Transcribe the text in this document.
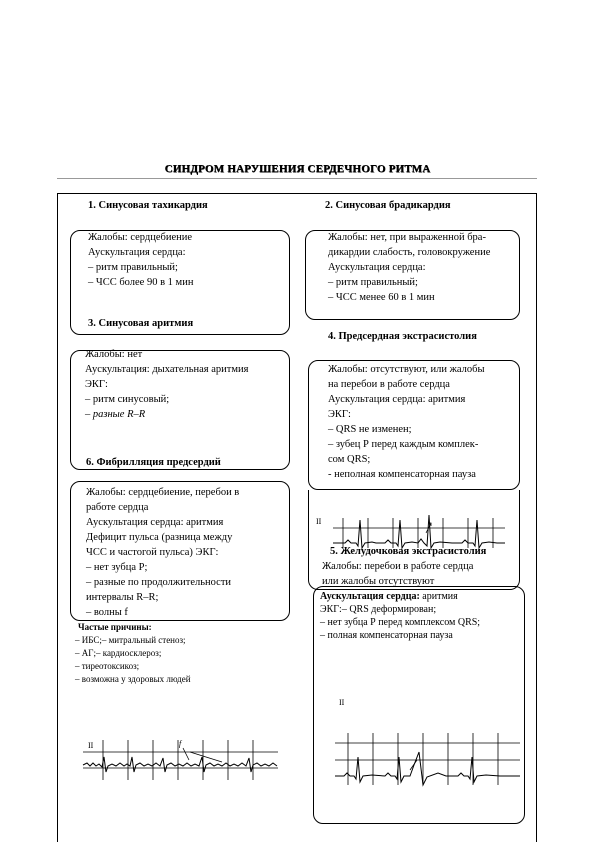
СИНДРОМ НАРУШЕНИЯ СЕРДЕЧНОГО РИТМА
1. Синусовая тахикардия
Жалобы: сердцебиение
Аускультация сердца:
– ритм правильный;
– ЧСС более 90 в 1 мин
3. Синусовая аритмия
2. Синусовая брадикардия
Жалобы: нет, при выраженной бра-
дикардии слабость, головокружение
Аускультация сердца:
– ритм правильный;
– ЧСС менее 60 в 1 мин
4. Предсердная экстрасистолия
Жалобы: нет
Аускультация: дыхательная аритмия
ЭКГ:
– ритм синусовый;
– разные R–R
6. Фибрилляция предсердий
Жалобы: отсутствуют, или жалобы
на перебои в работе сердца
Аускультация сердца: аритмия
ЭКГ:
– QRS не изменен;
– зубец Р перед каждым комплек-
сом QRS;
- неполная компенсаторная пауза
Жалобы: сердцебиение, перебои в
работе сердца
Аускультация сердца: аритмия
Дефицит пульса (разница между
ЧСС и частогой пульса) ЭКГ:
– нет зубца P;
– разные по продолжительности
интервалы R–R;
– волны f
Частые причины:
– ИБС;– митральный стеноз;
– АГ;– кардиосклероз;
– тиреотоксикоз;
– возможна у здоровых людей
II
5. Желудочковая экстрасистолия
Жалобы: перебои в работе сердца
или жалобы отсутствуют
Аускультация сердца: аритмия
ЭКГ:– QRS деформирован;
– нет зубца Р перед комплексом QRS;
– полная компенсаторная пауза
II
II	f
